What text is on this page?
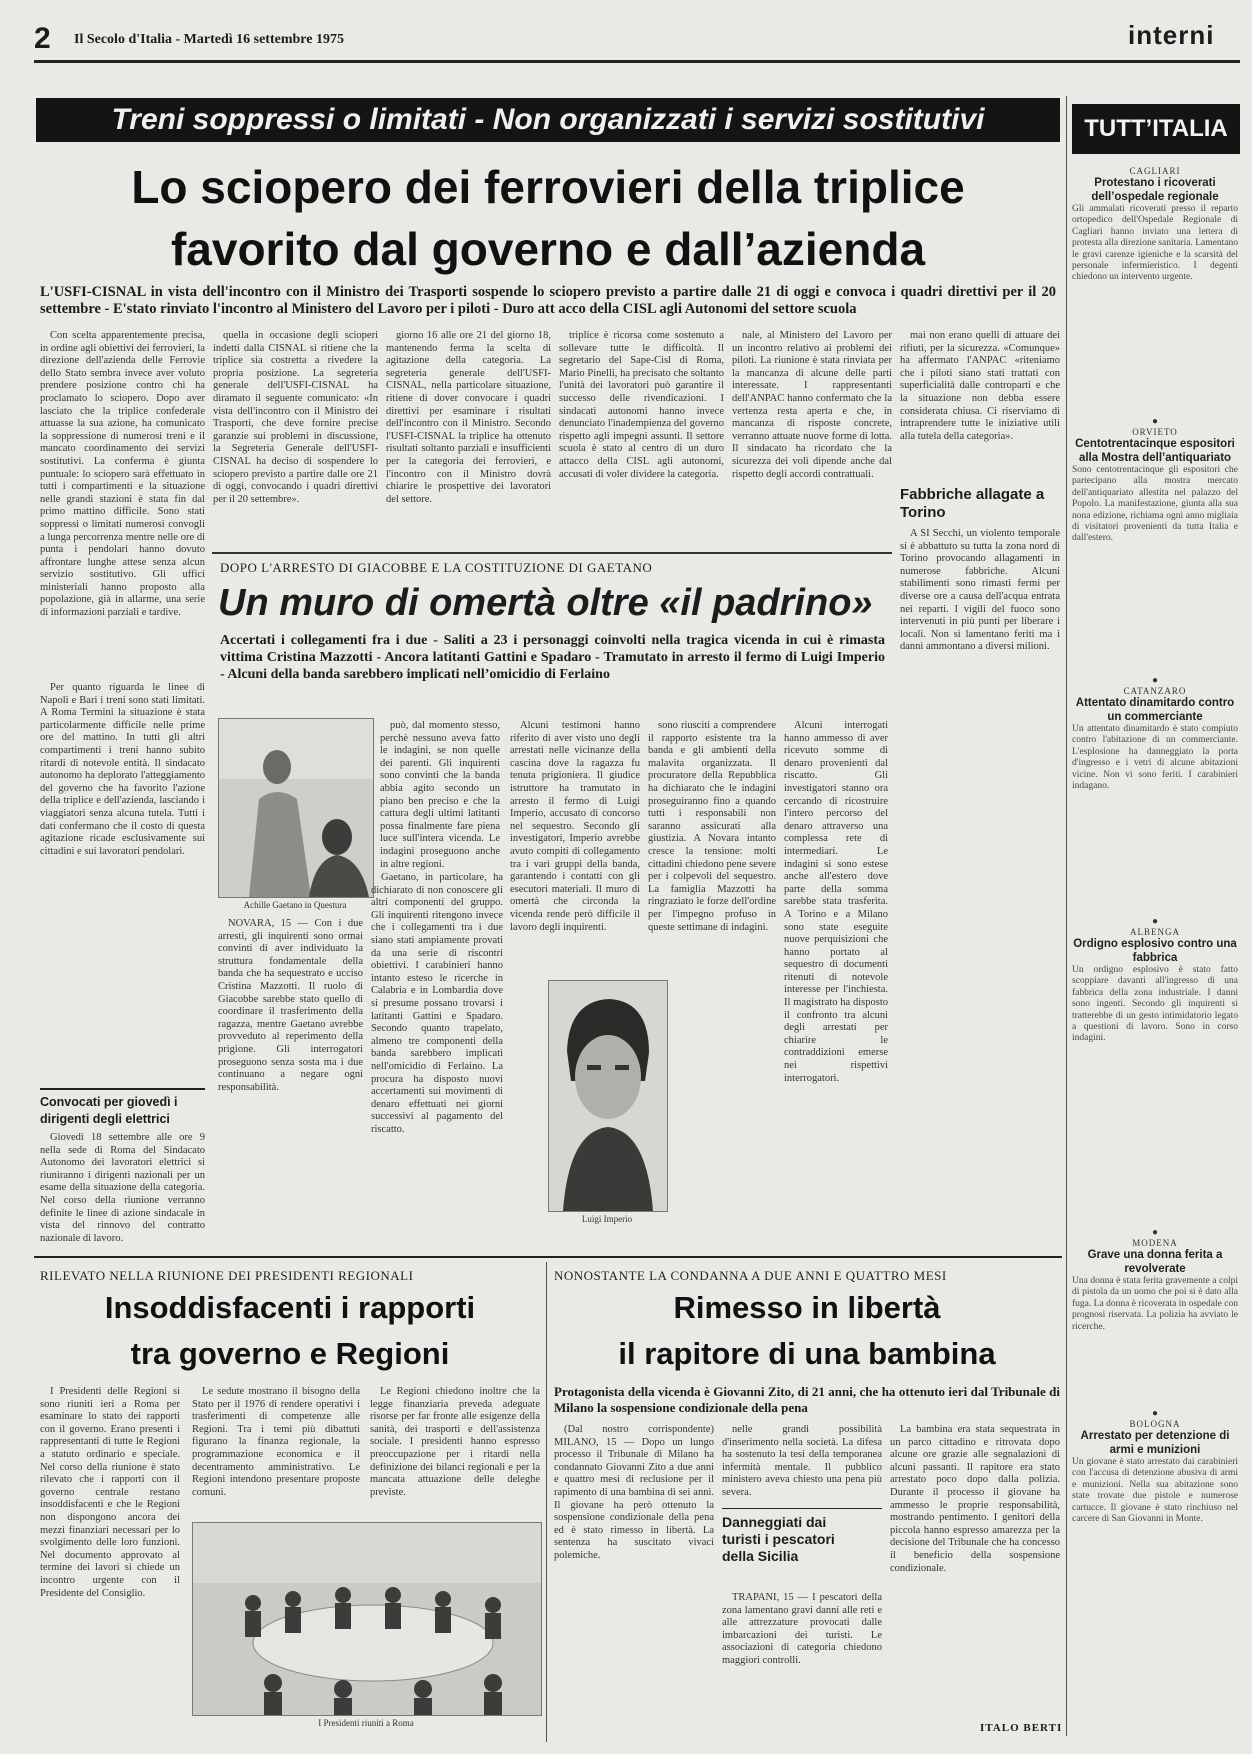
2 Il Secolo d'Italia - Martedì 16 settembre 1975	interni
Treni soppressi o limitati - Non organizzati i servizi sostitutivi
Lo sciopero dei ferrovieri della triplice
favorito dal governo e dall’azienda
L'USFI-CISNAL in vista dell'incontro con il Ministro dei Trasporti sospende lo sciopero previsto a partire dalle 21 di oggi e convoca i quadri direttivi per il 20 settembre - E'stato rinviato l'incontro al Ministero del Lavoro per i piloti - Duro att acco della CISL agli Autonomi del settore scuola

Con scelta apparentemente precisa, in ordine agli obiettivi dei ferrovieri, la direzione dell'azienda delle Ferrovie dello Stato sembra invece aver voluto prendere posizione contro chi ha proclamato lo sciopero. Dopo aver lasciato che la triplice confederale attuasse la sua azione, ha comunicato la soppressione di numerosi treni e il mancato coordinamento dei servizi sostitutivi. La conferma è giunta puntuale: lo sciopero sarà effettuato in tutti i compartimenti e la situazione nelle grandi stazioni è stata fin dal primo mattino difficile. Sono stati soppressi o limitati numerosi convogli a lunga percorrenza mentre nelle ore di punta i pendolari hanno dovuto affrontare lunghe attese senza alcun servizio sostitutivo. Gli uffici ministeriali hanno proposto alla popolazione, già in allarme, una serie di informazioni parziali e tardive.

Per quanto riguarda le linee di Napoli e Bari i treni sono stati limitati. A Roma Termini la situazione è stata particolarmente difficile nelle prime ore del mattino. In tutti gli altri compartimenti i treni hanno subito ritardi di notevole entità. Il sindacato autonomo ha deplorato l'atteggiamento del governo che ha favorito l'azione della triplice e dell'azienda, lasciando i viaggiatori senza alcuna tutela. Tutti i dati confermano che il costo di questa agitazione ricade esclusivamente sui cittadini e sui lavoratori pendolari.

quella in occasione degli scioperi indetti dalla CISNAL si ritiene che la triplice sia costretta a rivedere la propria posizione. La segreteria generale dell'USFI-CISNAL ha diramato il seguente comunicato: «In vista dell'incontro con il Ministro dei Trasporti, che deve fornire precise garanzie sui problemi in discussione, la Segreteria Generale dell'USFI-CISNAL ha deciso di sospendere lo sciopero previsto a partire dalle ore 21 di oggi, convocando i quadri direttivi per il 20 settembre».

giorno 16 alle ore 21 del giorno 18, mantenendo ferma la scelta di agitazione della categoria. La segreteria generale dell'USFI-CISNAL, nella particolare situazione, ritiene di dover convocare i quadri direttivi per esaminare i risultati dell'incontro con il Ministro. Secondo l'USFI-CISNAL la triplice ha ottenuto risultati soltanto parziali e insufficienti per la categoria dei ferrovieri, e l'incontro con il Ministro dovrà chiarire le prospettive dei lavoratori del settore.

triplice è ricorsa come sostenuto a sollevare tutte le difficoltà. Il segretario del Sape-Cisl di Roma, Mario Pinelli, ha precisato che soltanto l'unità dei lavoratori può garantire il successo delle rivendicazioni. I sindacati autonomi hanno invece denunciato l'inadempienza del governo rispetto agli impegni assunti. Il settore scuola è stato al centro di un duro attacco della CISL agli autonomi, accusati di voler dividere la categoria.

nale, al Ministero del Lavoro per un incontro relativo ai problemi dei piloti. La riunione è stata rinviata per la mancanza di alcune delle parti interessate. I rappresentanti dell'ANPAC hanno confermato che la vertenza resta aperta e che, in mancanza di risposte concrete, verranno attuate nuove forme di lotta. Il sindacato ha ricordato che la sicurezza dei voli dipende anche dal rispetto degli accordi contrattuali.

mai non erano quelli di attuare dei rifiuti, per la sicurezza. «Comunque» ha affermato l'ANPAC «riteniamo che i piloti siano stati trattati con superficialità dalle controparti e che la situazione non debba essere considerata chiusa. Ci riserviamo di intraprendere tutte le iniziative utili alla tutela della categoria».

Fabbriche allagate a Torino

A SI Secchi, un violento temporale si è abbattuto su tutta la zona nord di Torino provocando allagamenti in numerose fabbriche. Alcuni stabilimenti sono rimasti fermi per diverse ore a causa dell'acqua entrata nei reparti. I vigili del fuoco sono intervenuti in più punti per liberare i locali. Non si lamentano feriti ma i danni ammontano a diversi milioni.

Convocati per giovedì i dirigenti degli elettrici

Giovedì 18 settembre alle ore 9 nella sede di Roma del Sindacato Autonomo dei lavoratori elettrici si riuniranno i dirigenti nazionali per un esame della situazione della categoria. Nel corso della riunione verranno definite le linee di azione sindacale in vista del rinnovo del contratto nazionale di lavoro.

DOPO L'ARRESTO DI GIACOBBE E LA COSTITUZIONE DI GAETANO
Un muro di omertà oltre «il padrino»
Accertati i collegamenti fra i due - Saliti a 23 i personaggi coinvolti nella tragica vicenda in cui è rimasta vittima Cristina Mazzotti - Ancora latitanti Gattini e Spadaro - Tramutato in arresto il fermo di Luigi Imperio - Alcuni della banda sarebbero implicati nell’omicidio di Ferlaino
Achille Gaetano in Questura

può, dal momento stesso, perchè nessuno aveva fatto le indagini, se non quelle dei parenti. Gli inquirenti sono convinti che la banda abbia agito secondo un piano ben preciso e che la cattura degli ultimi latitanti possa finalmente fare piena luce sull'intera vicenda. Le indagini proseguono anche in altre regioni.

NOVARA, 15 — Con i due arresti, gli inquirenti sono ormai convinti di aver individuato la struttura fondamentale della banda che ha sequestrato e ucciso Cristina Mazzotti. Il ruolo di Giacobbe sarebbe stato quello di coordinare il trasferimento della ragazza, mentre Gaetano avrebbe provveduto al reperimento della prigione. Gli interrogatori proseguono senza sosta ma i due continuano a negare ogni responsabilità.

Gaetano, in particolare, ha dichiarato di non conoscere gli altri componenti del gruppo. Gli inquirenti ritengono invece che i collegamenti tra i due siano stati ampiamente provati da una serie di riscontri obiettivi. I carabinieri hanno intanto esteso le ricerche in Calabria e in Lombardia dove si presume possano trovarsi i latitanti Gattini e Spadaro. Secondo quanto trapelato, almeno tre componenti della banda sarebbero implicati nell'omicidio di Ferlaino. La procura ha disposto nuovi accertamenti sui movimenti di denaro effettuati nei giorni successivi al pagamento del riscatto.

Alcuni testimoni hanno riferito di aver visto uno degli arrestati nelle vicinanze della cascina dove la ragazza fu tenuta prigioniera. Il giudice istruttore ha tramutato in arresto il fermo di Luigi Imperio, accusato di concorso nel sequestro. Secondo gli investigatori, Imperio avrebbe avuto compiti di collegamento tra i vari gruppi della banda, garantendo i contatti con gli esecutori materiali. Il muro di omertà che circonda la vicenda rende però difficile il lavoro degli inquirenti.

sono riusciti a comprendere il rapporto esistente tra la banda e gli ambienti della malavita organizzata. Il procuratore della Repubblica ha dichiarato che le indagini proseguiranno fino a quando tutti i responsabili non saranno assicurati alla giustizia. A Novara intanto cresce la tensione: molti cittadini chiedono pene severe per i colpevoli del sequestro. La famiglia Mazzotti ha ringraziato le forze dell'ordine per l'impegno profuso in queste settimane di indagini.

Luigi Imperio

Alcuni interrogati hanno ammesso di aver ricevuto somme di denaro provenienti dal riscatto. Gli investigatori stanno ora cercando di ricostruire l'intero percorso del denaro attraverso una complessa rete di intermediari. Le indagini si sono estese anche all'estero dove parte della somma sarebbe stata trasferita. A Torino e a Milano sono state eseguite nuove perquisizioni che hanno portato al sequestro di documenti ritenuti di notevole interesse per l'inchiesta. Il magistrato ha disposto il confronto tra alcuni degli arrestati per chiarire le contraddizioni emerse nei rispettivi interrogatori.

TUTT’ITALIA
CAGLIARI
Protestano i ricoverati dell’ospedale regionale
Gli ammalati ricoverati presso il reparto ortopedico dell'Ospedale Regionale di Cagliari hanno inviato una lettera di protesta alla direzione sanitaria. Lamentano le gravi carenze igieniche e la scarsità del personale infermieristico. I degenti chiedono un intervento urgente.
●
ORVIETO
Centotrentacinque espositori alla Mostra dell’antiquariato
Sono centotrentacinque gli espositori che partecipano alla mostra mercato dell'antiquariato allestita nel palazzo del Popolo. La manifestazione, giunta alla sua nona edizione, richiama ogni anno migliaia di visitatori provenienti da tutta Italia e dall'estero.
●
CATANZARO
Attentato dinamitardo contro un commerciante
Un attentato dinamitardo è stato compiuto contro l'abitazione di un commerciante. L'esplosione ha danneggiato la porta d'ingresso e i vetri di alcune abitazioni vicine. Non vi sono feriti. I carabinieri indagano.
●
ALBENGA
Ordigno esplosivo contro una fabbrica
Un ordigno esplosivo è stato fatto scoppiare davanti all'ingresso di una fabbrica della zona industriale. I danni sono ingenti. Secondo gli inquirenti si tratterebbe di un gesto intimidatorio legato a questioni di lavoro. Sono in corso indagini.
●
MODENA
Grave una donna ferita a revolverate
Una donna è stata ferita gravemente a colpi di pistola da un uomo che poi si è dato alla fuga. La donna è ricoverata in ospedale con prognosi riservata. La polizia ha avviato le ricerche.
●
BOLOGNA
Arrestato per detenzione di armi e munizioni
Un giovane è stato arrestato dai carabinieri con l'accusa di detenzione abusiva di armi e munizioni. Nella sua abitazione sono state trovate due pistole e numerose cartucce. Il giovane è stato rinchiuso nel carcere di San Giovanni in Monte.
RILEVATO NELLA RIUNIONE DEI PRESIDENTI REGIONALI
Insoddisfacenti i rapporti
tra governo e Regioni

I Presidenti delle Regioni si sono riuniti ieri a Roma per esaminare lo stato dei rapporti con il governo. Erano presenti i rappresentanti di tutte le Regioni a statuto ordinario e speciale. Nel corso della riunione è stato rilevato che i rapporti con il governo centrale restano insoddisfacenti e che le Regioni non dispongono ancora dei mezzi finanziari necessari per lo svolgimento delle loro funzioni. Nel documento approvato al termine dei lavori si chiede un incontro urgente con il Presidente del Consiglio.

Le sedute mostrano il bisogno della Stato per il 1976 di rendere operativi i trasferimenti di competenze alle Regioni. Tra i temi più dibattuti figurano la finanza regionale, la programmazione economica e il decentramento amministrativo. Le Regioni intendono presentare proposte comuni.

Le Regioni chiedono inoltre che la legge finanziaria preveda adeguate risorse per far fronte alle esigenze della sanità, dei trasporti e dell'assistenza sociale. I presidenti hanno espresso preoccupazione per i ritardi nella definizione dei bilanci regionali e per la mancata attuazione delle deleghe previste.

I Presidenti riuniti a Roma
NONOSTANTE LA CONDANNA A DUE ANNI E QUATTRO MESI
Rimesso in libertà
il rapitore di una bambina
Protagonista della vicenda è Giovanni Zito, di 21 anni, che ha ottenuto ieri dal Tribunale di Milano la sospensione condizionale della pena

(Dal nostro corrispondente) MILANO, 15 — Dopo un lungo processo il Tribunale di Milano ha condannato Giovanni Zito a due anni e quattro mesi di reclusione per il rapimento di una bambina di sei anni. Il giovane ha però ottenuto la sospensione condizionale della pena ed è stato rimesso in libertà. La sentenza ha suscitato vivaci polemiche.

nelle grandi possibilità d'inserimento nella società. La difesa ha sostenuto la tesi della temporanea infermità mentale. Il pubblico ministero aveva chiesto una pena più severa.

Danneggiati dai turisti i pescatori della Sicilia

TRAPANI, 15 — I pescatori della zona lamentano gravi danni alle reti e alle attrezzature provocati dalle imbarcazioni dei turisti. Le associazioni di categoria chiedono maggiori controlli.

La bambina era stata sequestrata in un parco cittadino e ritrovata dopo alcune ore grazie alle segnalazioni di alcuni passanti. Il rapitore era stato arrestato poco dopo dalla polizia. Durante il processo il giovane ha ammesso le proprie responsabilità, mostrando pentimento. I genitori della piccola hanno espresso amarezza per la decisione del Tribunale che ha concesso il beneficio della sospensione condizionale.

ITALO BERTI
